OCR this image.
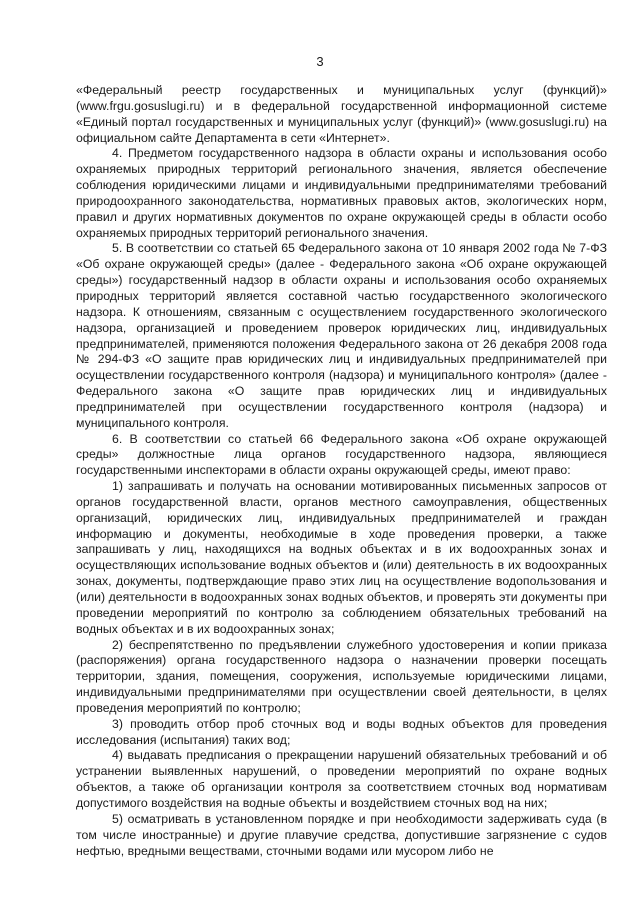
3

«Федеральный реестр государственных и муниципальных услуг (функций)» (www.frgu.gosuslugi.ru) и в федеральной государственной информационной системе «Единый портал государственных и муниципальных услуг (функций)» (www.gosuslugi.ru) на официальном сайте Департамента в сети «Интернет».

4. Предметом государственного надзора в области охраны и использования особо охраняемых природных территорий регионального значения, является обеспечение соблюдения юридическими лицами и индивидуальными предпринимателями требований природоохранного законодательства, нормативных правовых актов, экологических норм, правил и других нормативных документов по охране окружающей среды в области особо охраняемых природных территорий регионального значения.

5. В соответствии со статьей 65 Федерального закона от 10 января 2002 года № 7-ФЗ «Об охране окружающей среды» (далее - Федерального закона «Об охране окружающей среды») государственный надзор в области охраны и использования особо охраняемых природных территорий является составной частью государственного экологического надзора. К отношениям, связанным с осуществлением государственного экологического надзора, организацией и проведением проверок юридических лиц, индивидуальных предпринимателей, применяются положения Федерального закона от 26 декабря 2008 года № 294-ФЗ «О защите прав юридических лиц и индивидуальных предпринимателей при осуществлении государственного контроля (надзора) и муниципального контроля» (далее - Федерального закона «О защите прав юридических лиц и индивидуальных предпринимателей при осуществлении государственного контроля (надзора) и муниципального контроля.

6. В соответствии со статьей 66 Федерального закона «Об охране окружающей среды» должностные лица органов государственного надзора, являющиеся государственными инспекторами в области охраны окружающей среды, имеют право:

1) запрашивать и получать на основании мотивированных письменных запросов от органов государственной власти, органов местного самоуправления, общественных организаций, юридических лиц, индивидуальных предпринимателей и граждан информацию и документы, необходимые в ходе проведения проверки, а также запрашивать у лиц, находящихся на водных объектах и в их водоохранных зонах и осуществляющих использование водных объектов и (или) деятельность в их водоохранных зонах, документы, подтверждающие право этих лиц на осуществление водопользования и (или) деятельности в водоохранных зонах водных объектов, и проверять эти документы при проведении мероприятий по контролю за соблюдением обязательных требований на водных объектах и в их водоохранных зонах;

2) беспрепятственно по предъявлении служебного удостоверения и копии приказа (распоряжения) органа государственного надзора о назначении проверки посещать территории, здания, помещения, сооружения, используемые юридическими лицами, индивидуальными предпринимателями при осуществлении своей деятельности, в целях проведения мероприятий по контролю;

3) проводить отбор проб сточных вод и воды водных объектов для проведения исследования (испытания) таких вод;

4) выдавать предписания о прекращении нарушений обязательных требований и об устранении выявленных нарушений, о проведении мероприятий по охране водных объектов, а также об организации контроля за соответствием сточных вод нормативам допустимого воздействия на водные объекты и воздействием сточных вод на них;

5) осматривать в установленном порядке и при необходимости задерживать суда (в том числе иностранные) и другие плавучие средства, допустившие загрязнение с судов нефтью, вредными веществами, сточными водами или мусором либо не
